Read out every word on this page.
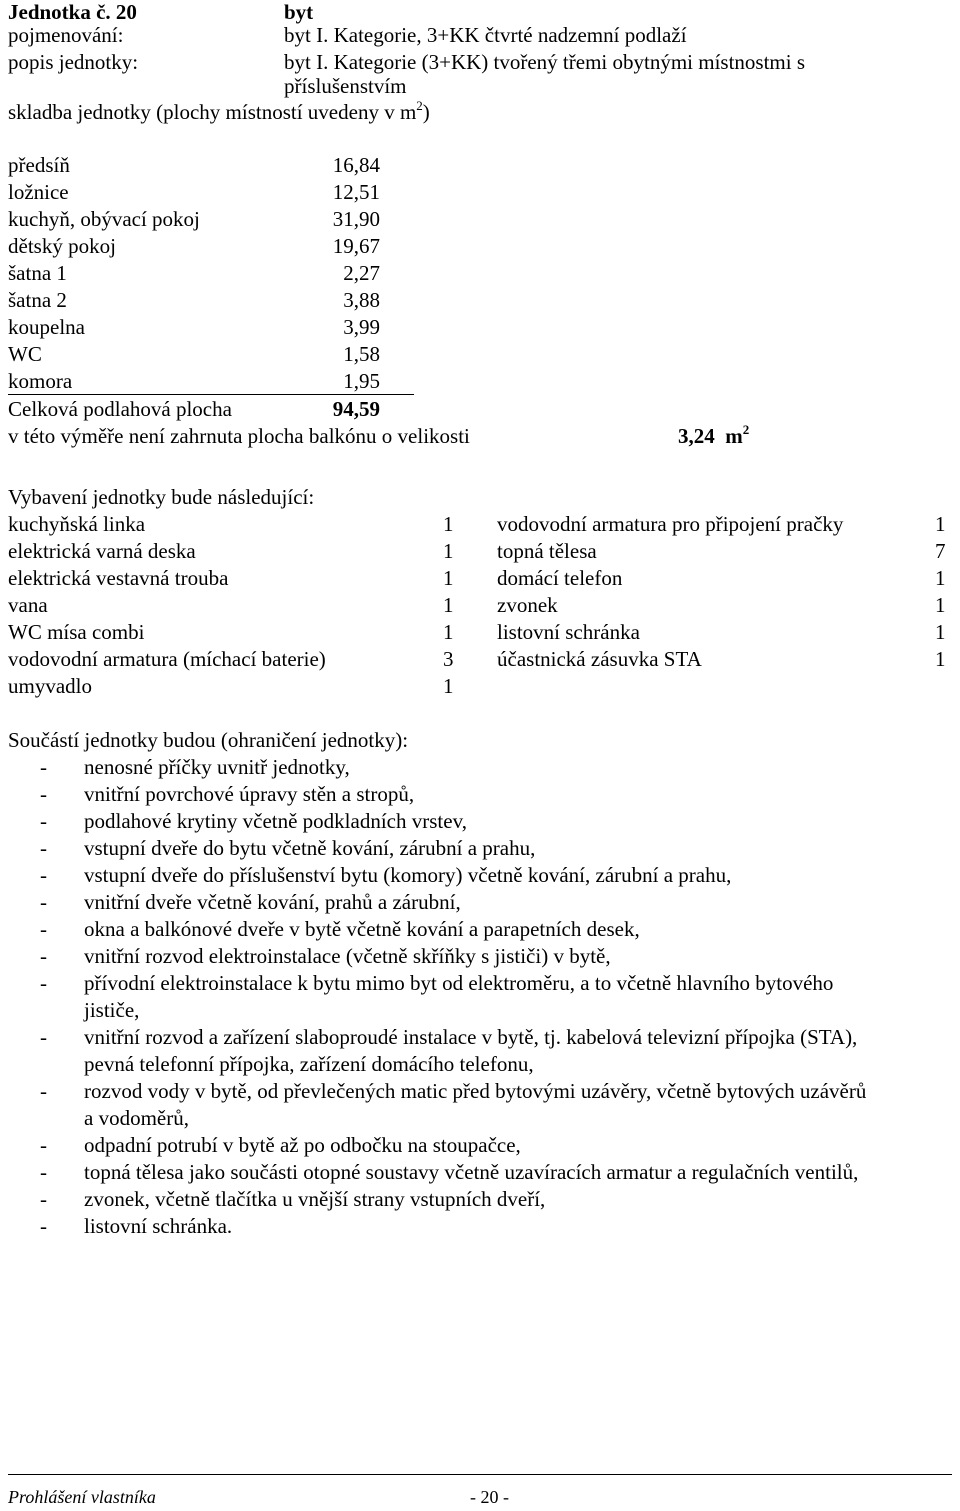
Jednotka č. 20	byt
pojmenování:	byt I. Kategorie, 3+KK čtvrté nadzemní podlaží
popis jednotky:	byt I. Kategorie (3+KK) tvořený třemi obytnými místnostmi s
příslušenstvím
skladba jednotky (plochy místností uvedeny v $m^2$)
předsíň	16,84
ložnice	12,51
kuchyň, obývací pokoj	31,90
dětský pokoj	19,67
šatna 1	2,27
šatna 2	3,88
koupelna	3,99
WC	1,58
komora	1,95
Celková podlahová plocha	94,59
v této výměře není zahrnuta plocha balkónu o velikosti	3,24 $m^2$
Vybavení jednotky bude následující:
kuchyňská linka	1
elektrická varná deska	1
elektrická vestavná trouba	1
vana	1
WC mísa combi	1
vodovodní armatura (míchací baterie)	3
umyvadlo	1
vodovodní armatura pro připojení pračky	1
topná tělesa	7
domácí telefon	1
zvonek	1
listovní schránka	1
účastnická zásuvka STA	1
Součástí jednotky budou (ohraničení jednotky):
- nenosné příčky uvnitř jednotky,
- vnitřní povrchové úpravy stěn a stropů,
- podlahové krytiny včetně podkladních vrstev,
- vstupní dveře do bytu včetně kování, zárubní a prahu,
- vstupní dveře do příslušenství bytu (komory) včetně kování, zárubní a prahu,
- vnitřní dveře včetně kování, prahů a zárubní,
- okna a balkónové dveře v bytě včetně kování a parapetních desek,
- vnitřní rozvod elektroinstalace (včetně skříňky s jističi) v bytě,
- přívodní elektroinstalace k bytu mimo byt od elektroměru, a to včetně hlavního bytového
jističe,
- vnitřní rozvod a zařízení slaboproudé instalace v bytě, tj. kabelová televizní přípojka (STA),
pevná telefonní přípojka, zařízení domácího telefonu,
- rozvod vody v bytě, od převlečených matic před bytovými uzávěry, včetně bytových uzávěrů
a vodoměrů,
- odpadní potrubí v bytě až po odbočku na stoupačce,
- topná tělesa jako součásti otopné soustavy včetně uzavíracích armatur a regulačních ventilů,
- zvonek, včetně tlačítka u vnější strany vstupních dveří,
- listovní schránka.
Prohlášení vlastníka	- 20 -
